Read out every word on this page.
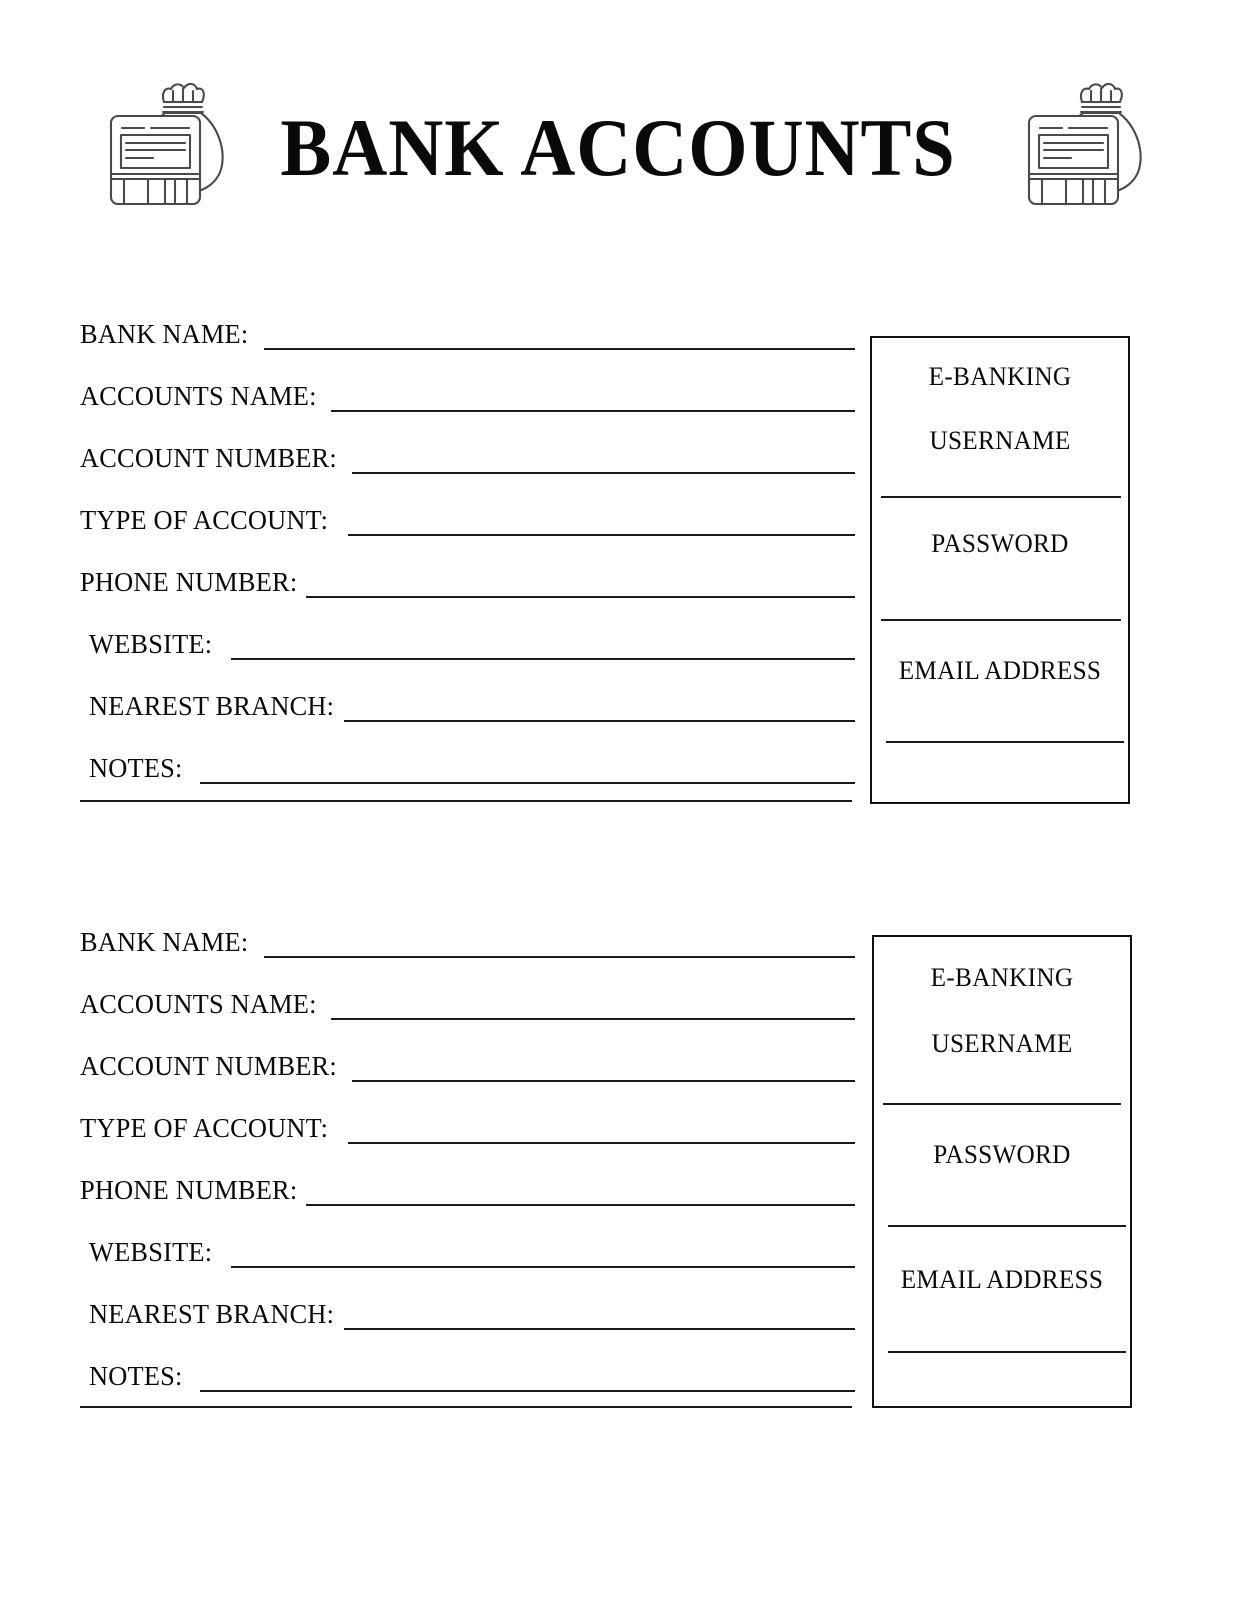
BANK ACCOUNTS
BANK NAME:
ACCOUNTS NAME:
ACCOUNT NUMBER:
TYPE OF ACCOUNT:
PHONE NUMBER:
WEBSITE:
NEAREST BRANCH:
NOTES:
E-BANKING
USERNAME
PASSWORD
EMAIL ADDRESS
BANK NAME:
ACCOUNTS NAME:
ACCOUNT NUMBER:
TYPE OF ACCOUNT:
PHONE NUMBER:
WEBSITE:
NEAREST BRANCH:
NOTES:
E-BANKING
USERNAME
PASSWORD
EMAIL ADDRESS
